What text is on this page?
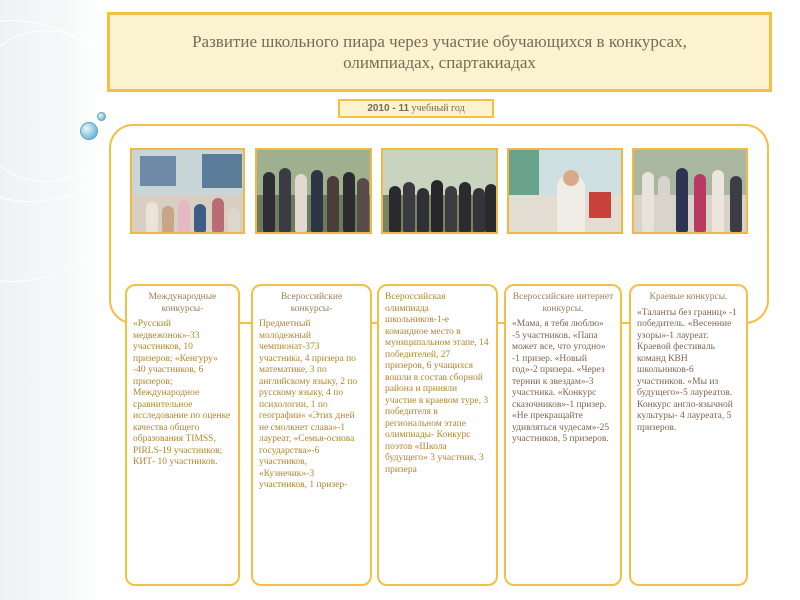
Развитие школьного пиара через участие обучающихся в конкурсах,
олимпиадах, спартакиадах
2010 - 11 учебный год
Международные конкурсы-
«Русский медвежонок»-33 участников, 10 призеров; «Кенгуру» -40 участников, 6 призеров; Международное сравнительное исследование по оценке качества общего образования TIMSS, PIRLS-19 участников; КИТ- 10 участников.
Всероссийские конкурсы-
Предметный молодежный чемпионат-373 участника, 4 призера по математике, 3 по английскому языку, 2 по русскому языку, 4 по психологии, 1 по географии« «Этих дней не смолкнет слава»-1 лауреат, «Семья-основа государства»-6 участников, «Кузнечик»-3 участников, 1 призер-
Всероссийская олимпиада школьников-1-е командное место в муниципальном этапе, 14 победителей, 27 призеров, 6 учащихся вошли в состав сборной района и приняли участие в краевом туре, 3 победителя в региональном этапе олимпиады- Конкурс поэтов «Школа будущего» 3 участник, 3 призера
Всероссийские интернет конкурсы.
«Мама, я тебя люблю» -5 участников. «Папа может все, что угодно» -1 призер. «Новый год»-2 призера. «Через тернии к звездам»-3 участника. «Конкурс сказочников»-1 призер. «Не прекращайте удивляться чудесам»-25 участников, 5 призеров.
Краевые конкурсы.
«Таланты без границ» -1 победитель. «Весенние узоры»-1 лауреат. Краевой фестиваль команд КВН школьников-6 участников. «Мы из будущего»-5 лауреатов. Конкурс англо-язычной культуры- 4 лауреата, 5 призеров.
